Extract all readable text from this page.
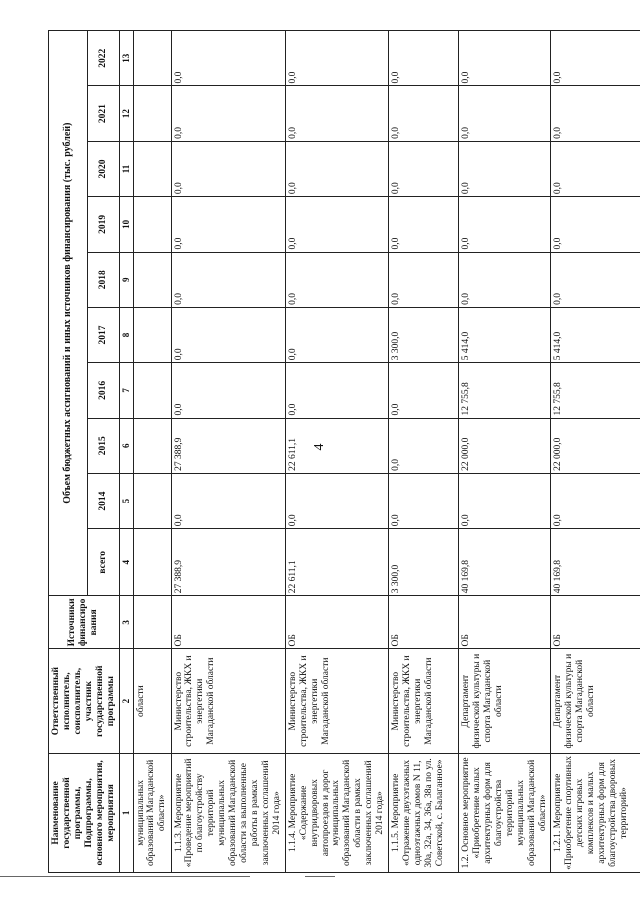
4
Наименование государственной программы, Подпрограммы, основного мероприятия, мероприятия	Ответственный исполнитель, соисполнитель, участник государственной программы	Источники финансирования	Объем бюджетных ассигнований и иных источников финансирования (тыс. рублей)									
			всего	2014	2015	2016	2017	2018	2019	2020	2021	2022
1	2	3	4	5	6	7	8	9	10	11	12	13
муниципальных образований Магаданской области»	области											
1.1.3. Мероприятие «Проведение мероприятий по благоустройству территорий муниципальных образований Магаданской области за выполненные работы в рамках заключенных соглашений 2014 года»	Министерство строительства, ЖКХ и энергетики Магаданской области	ОБ	27 388,9	0,0	27 388,9	0,0	0,0	0,0	0,0	0,0	0,0	0,0
1.1.4. Мероприятие «Содержание внутридворовых автопроездов и дорог муниципальных образований Магаданской области в рамках заключенных соглашений 2014 года»	Министерство строительства, ЖКХ и энергетики Магаданской области	ОБ	22 611,1	0,0	22 611,1	0,0	0,0	0,0	0,0	0,0	0,0	0,0
1.1.5. Мероприятие «Отражение двухэтажных одноэтажных домов N 11, 30а, 32а, 34, 36а, 38а по ул. Советской, с. Балаганное»	Министерство строительства, ЖКХ и энергетики Магаданской области	ОБ	3 300,0	0,0	0,0	0,0	3 300,0	0,0	0,0	0,0	0,0	0,0
1.2. Основное мероприятие «Приобретение малых архитектурных форм для благоустройства территорий муниципальных образований Магаданской области»	Департамент физической культуры и спорта Магаданской области	ОБ	40 169,8	0,0	22 000,0	12 755,8	5 414,0	0,0	0,0	0,0	0,0	0,0
1.2.1. Мероприятие «Приобретение спортивных детских игровых комплексов и малых архитектурных форм для благоустройства дворовых территорий»	Департамент физической культуры и спорта Магаданской области	ОБ	40 169,8	0,0	22 000,0	12 755,8	5 414,0	0,0	0,0	0,0	0,0	0,0
